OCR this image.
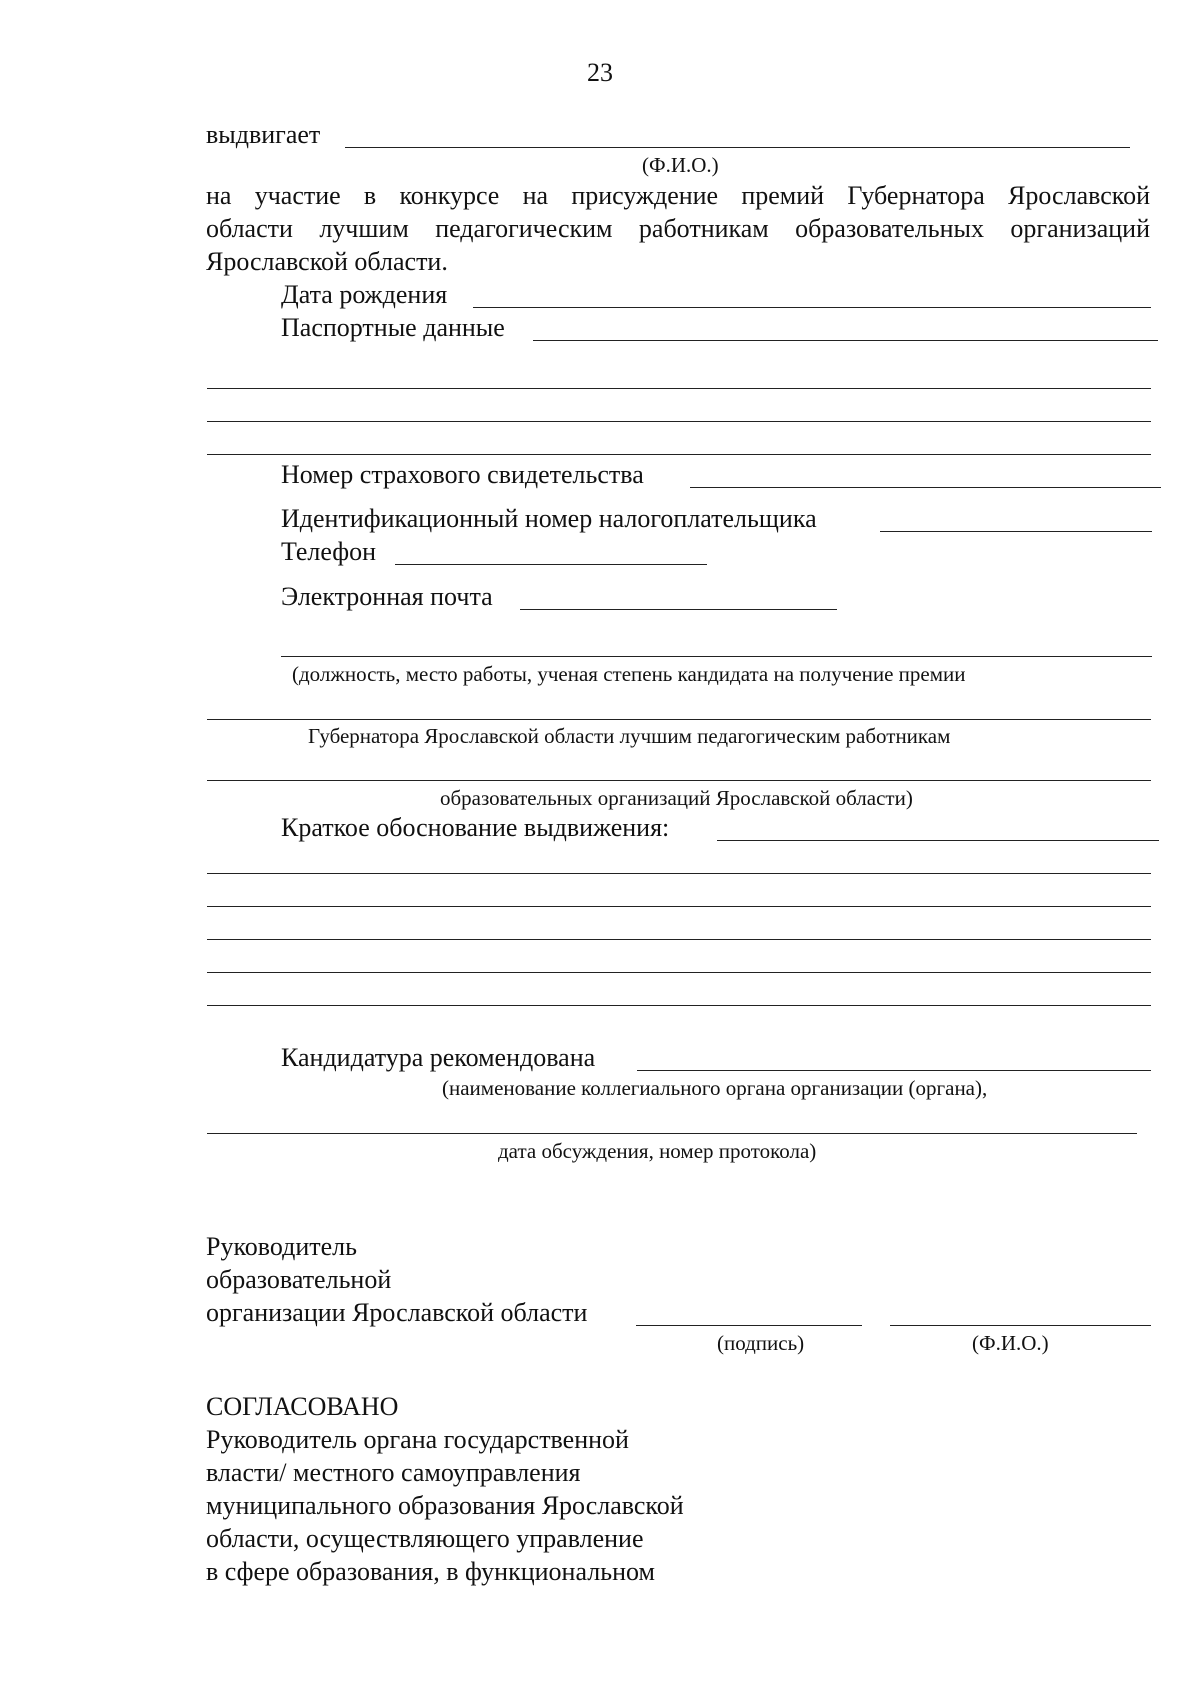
23
выдвигает
(Ф.И.О.)
на участие в конкурсе на присуждение премий Губернатора Ярославской
области лучшим педагогическим работникам образовательных организаций
Ярославской области.
Дата рождения
Паспортные данные
Номер страхового свидетельства
Идентификационный номер налогоплательщика
Телефон
Электронная почта
(должность, место работы, ученая степень кандидата на получение премии
Губернатора Ярославской области лучшим педагогическим работникам
образовательных организаций Ярославской области)
Краткое обоснование выдвижения:
Кандидатура рекомендована
(наименование коллегиального органа организации (органа),
дата обсуждения, номер протокола)
Руководитель
образовательной
организации Ярославской области
(подпись)	(Ф.И.О.)
СОГЛАСОВАНО
Руководитель органа государственной
власти/ местного самоуправления
муниципального образования Ярославской
области, осуществляющего управление
в сфере образования, в функциональном
